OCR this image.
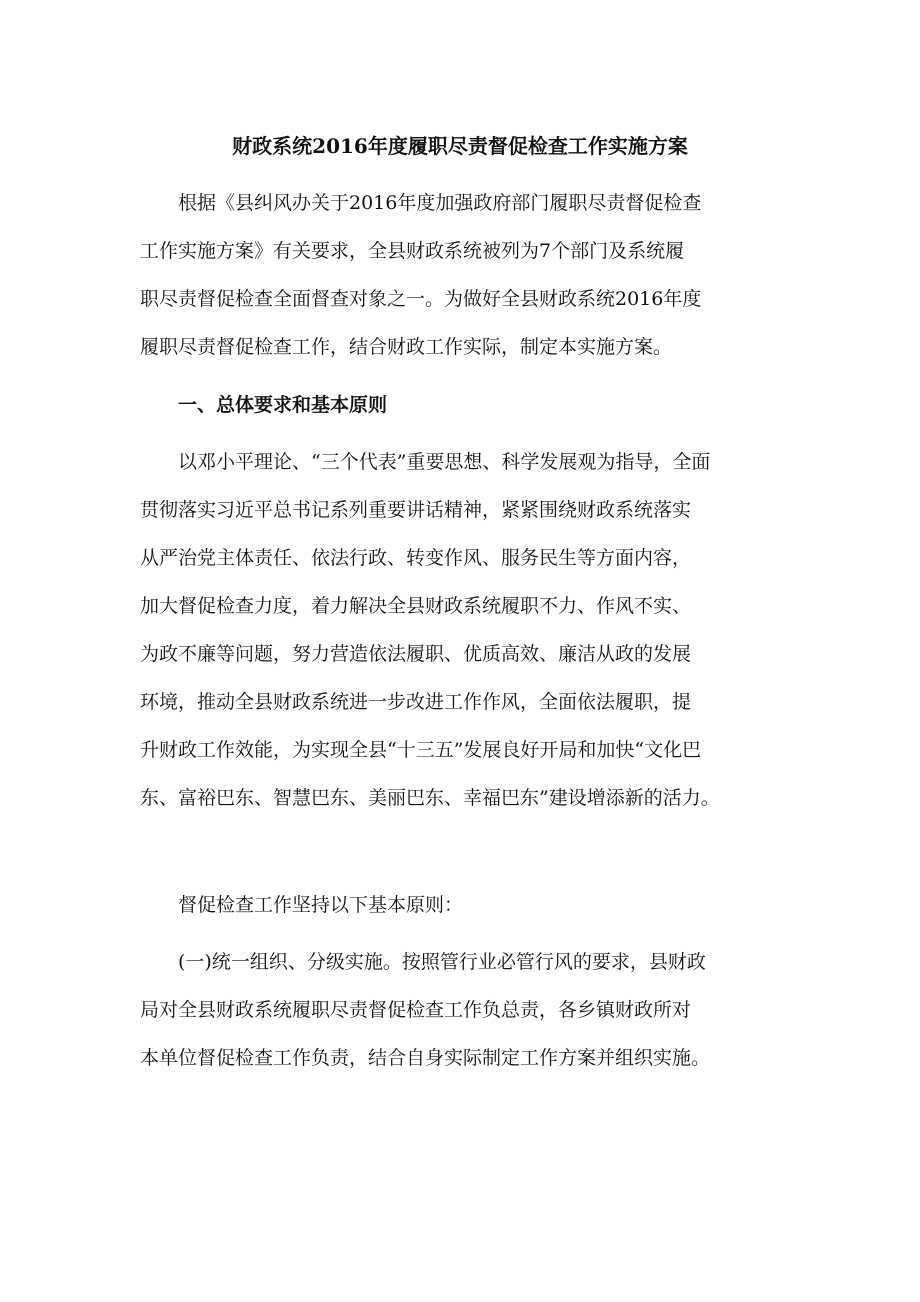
财政系统2016年度履职尽责督促检查工作实施方案
根据《县纠风办关于2016年度加强政府部门履职尽责督促检查
工作实施方案》有关要求，全县财政系统被列为7个部门及系统履
职尽责督促检查全面督查对象之一。为做好全县财政系统2016年度
履职尽责督促检查工作，结合财政工作实际，制定本实施方案。
一、总体要求和基本原则
以邓小平理论、“三个代表”重要思想、科学发展观为指导，全面
贯彻落实习近平总书记系列重要讲话精神，紧紧围绕财政系统落实
从严治党主体责任、依法行政、转变作风、服务民生等方面内容，
加大督促检查力度，着力解决全县财政系统履职不力、作风不实、
为政不廉等问题，努力营造依法履职、优质高效、廉洁从政的发展
环境，推动全县财政系统进一步改进工作作风，全面依法履职，提
升财政工作效能，为实现全县“十三五”发展良好开局和加快“文化巴
东、富裕巴东、智慧巴东、美丽巴东、幸福巴东”建设增添新的活力。
督促检查工作坚持以下基本原则：
(一)统一组织、分级实施。按照管行业必管行风的要求，县财政
局对全县财政系统履职尽责督促检查工作负总责，各乡镇财政所对
本单位督促检查工作负责，结合自身实际制定工作方案并组织实施。
